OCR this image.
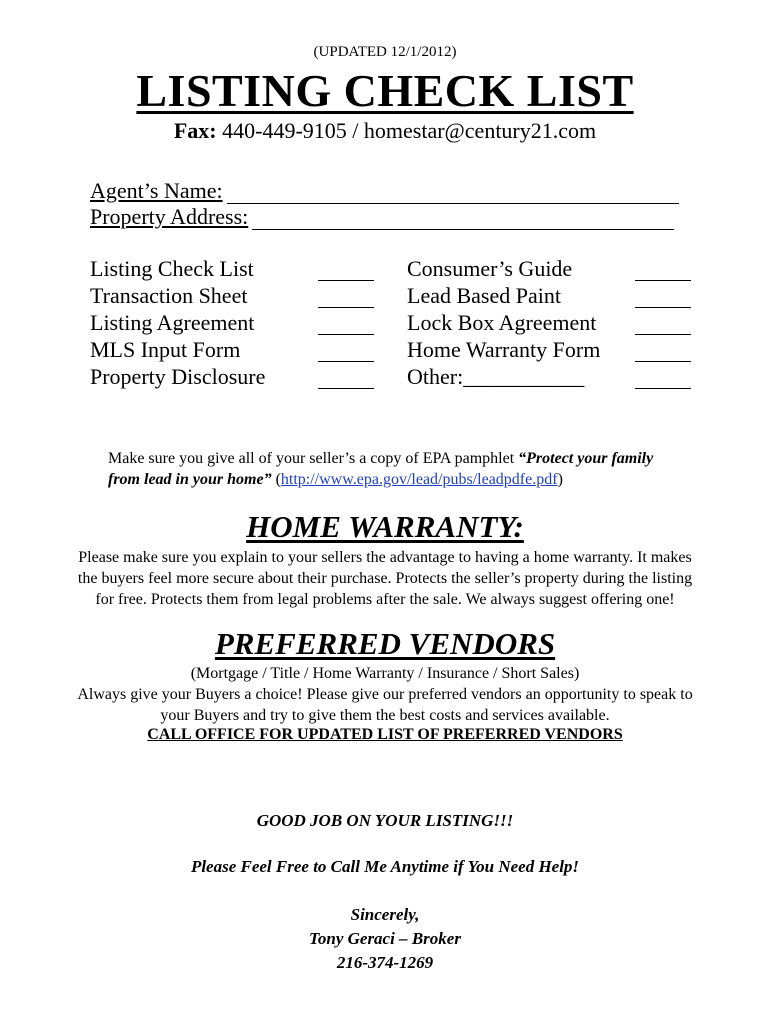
(UPDATED 12/1/2012)
LISTING CHECK LIST
Fax: 440-449-9105 / homestar@century21.com
Agent’s Name:
Property Address:
Listing Check List
Transaction Sheet
Listing Agreement
MLS Input Form
Property Disclosure
Consumer’s Guide
Lead Based Paint
Lock Box Agreement
Home Warranty Form
Other:___________
Make sure you give all of your seller’s a copy of EPA pamphlet “Protect your family from lead in your home” (http://www.epa.gov/lead/pubs/leadpdfe.pdf)
HOME WARRANTY:
Please make sure you explain to your sellers the advantage to having a home warranty. It makes
the buyers feel more secure about their purchase. Protects the seller’s property during the listing
for free. Protects them from legal problems after the sale. We always suggest offering one!
PREFERRED VENDORS
(Mortgage / Title / Home Warranty / Insurance / Short Sales)
Always give your Buyers a choice! Please give our preferred vendors an opportunity to speak to
your Buyers and try to give them the best costs and services available.
CALL OFFICE FOR UPDATED LIST OF PREFERRED VENDORS
GOOD JOB ON YOUR LISTING!!!
Please Feel Free to Call Me Anytime if You Need Help!
Sincerely,
Tony Geraci – Broker
216-374-1269
